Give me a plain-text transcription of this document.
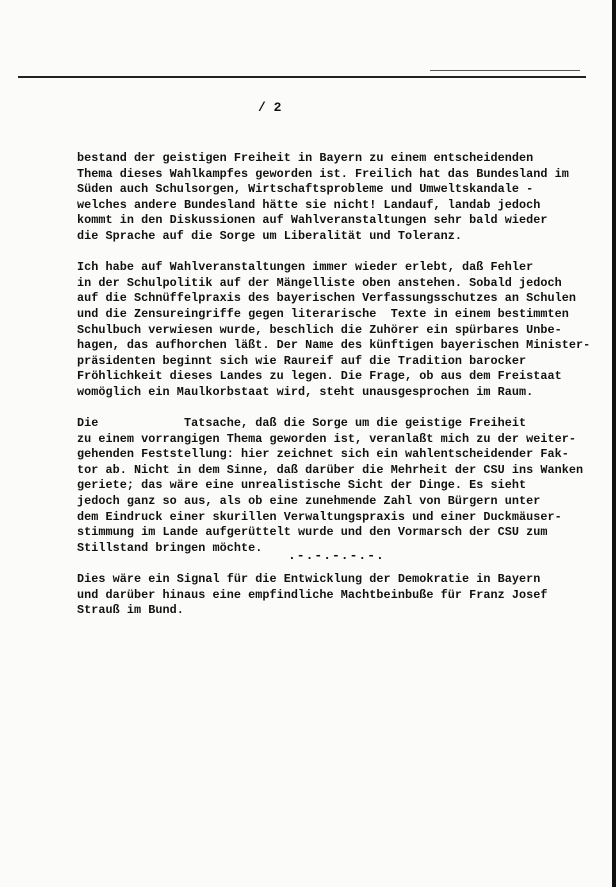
/ 2

bestand der geistigen Freiheit in Bayern zu einem entscheidenden
Thema dieses Wahlkampfes geworden ist. Freilich hat das Bundesland im
Süden auch Schulsorgen, Wirtschaftsprobleme und Umweltskandale -
welches andere Bundesland hätte sie nicht! Landauf, landab jedoch
kommt in den Diskussionen auf Wahlveranstaltungen sehr bald wieder
die Sprache auf die Sorge um Liberalität und Toleranz.

Ich habe auf Wahlveranstaltungen immer wieder erlebt, daß Fehler
in der Schulpolitik auf der Mängelliste oben anstehen. Sobald jedoch
auf die Schnüffelpraxis des bayerischen Verfassungsschutzes an Schulen
und die Zensureingriffe gegen literarische  Texte in einem bestimmten
Schulbuch verwiesen wurde, beschlich die Zuhörer ein spürbares Unbe-
hagen, das aufhorchen läßt. Der Name des künftigen bayerischen Minister-
präsidenten beginnt sich wie Raureif auf die Tradition barocker
Fröhlichkeit dieses Landes zu legen. Die Frage, ob aus dem Freistaat
womöglich ein Maulkorbstaat wird, steht unausgesprochen im Raum.

Die            Tatsache, daß die Sorge um die geistige Freiheit
zu einem vorrangigen Thema geworden ist, veranlaßt mich zu der weiter-
gehenden Feststellung: hier zeichnet sich ein wahlentscheidender Fak-
tor ab. Nicht in dem Sinne, daß darüber die Mehrheit der CSU ins Wanken
geriete; das wäre eine unrealistische Sicht der Dinge. Es sieht
jedoch ganz so aus, als ob eine zunehmende Zahl von Bürgern unter
dem Eindruck einer skurillen Verwaltungspraxis und einer Duckmäuser-
stimmung im Lande aufgerüttelt wurde und den Vormarsch der CSU zum
Stillstand bringen möchte.

Dies wäre ein Signal für die Entwicklung der Demokratie in Bayern
und darüber hinaus eine empfindliche Machtbeinbuße für Franz Josef
Strauß im Bund.

.-.-.-.-.-.
